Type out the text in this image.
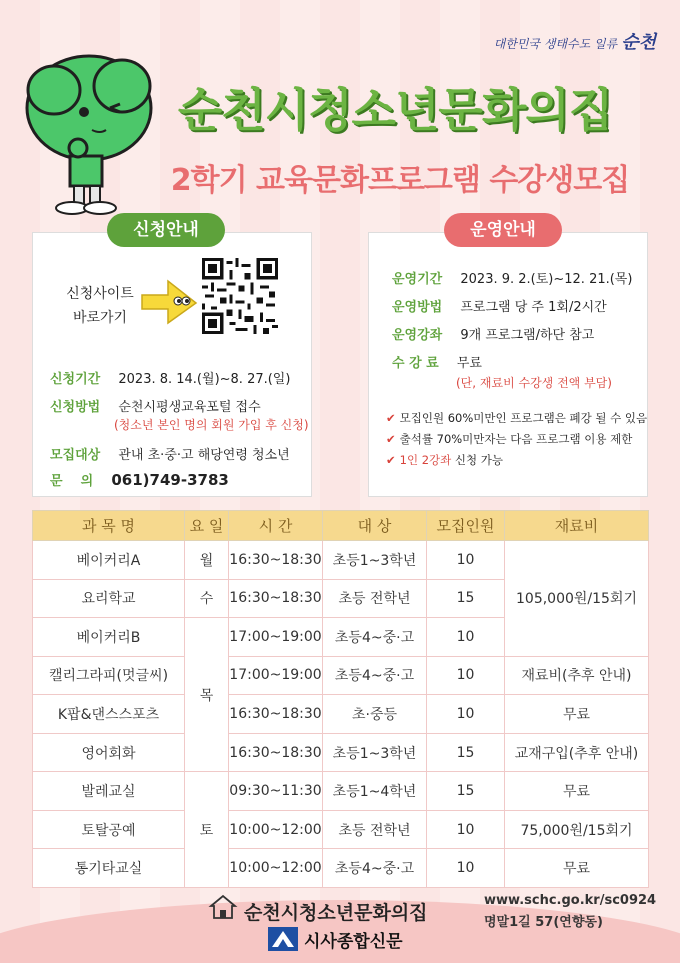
대한민국 생태수도 일류 순천
순천시청소년문화의집
2학기 교육문화프로그램 수강생모집
신청안내
신청사이트
바로가기
신청기간 2023. 8. 14.(월)~8. 27.(일)
신청방법 순천시평생교육포털 접수
(청소년 본인 명의 회원 가입 후 신청)
모집대상 관내 초·중·고 해당연령 청소년
문    의 061)749-3783
운영안내
운영기간 2023. 9. 2.(토)~12. 21.(목)
운영방법 프로그램 당 주 1회/2시간
운영강좌 9개 프로그램/하단 참고
수 강 료 무료
(단, 재료비 수강생 전액 부담)
✔ 모집인원 60%미만인 프로그램은 폐강 될 수 있음
✔ 출석률 70%미만자는 다음 프로그램 이용 제한
✔ 1인 2강좌 신청 가능
과 목 명	요 일	시 간	대 상	모집인원	재료비
베이커리A	월	16:30~18:30	초등1~3학년	10	105,000원/15회기
요리학교	수	16:30~18:30	초등 전학년	15	
베이커리B	목	17:00~19:00	초등4~중·고	10	
캘리그라피(멋글씨)		17:00~19:00	초등4~중·고	10	재료비(추후 안내)
K팝&댄스스포츠		16:30~18:30	초·중등	10	무료
영어회화		16:30~18:30	초등1~3학년	15	교재구입(추후 안내)
발레교실	토	09:30~11:30	초등1~4학년	15	무료
토탈공예		10:00~12:00	초등 전학년	10	75,000원/15회기
통기타교실		10:00~12:00	초등4~중·고	10	무료
순천시청소년문화의집
www.schc.go.kr/sc0924
명말1길 57(연향동)
시사종합신문
